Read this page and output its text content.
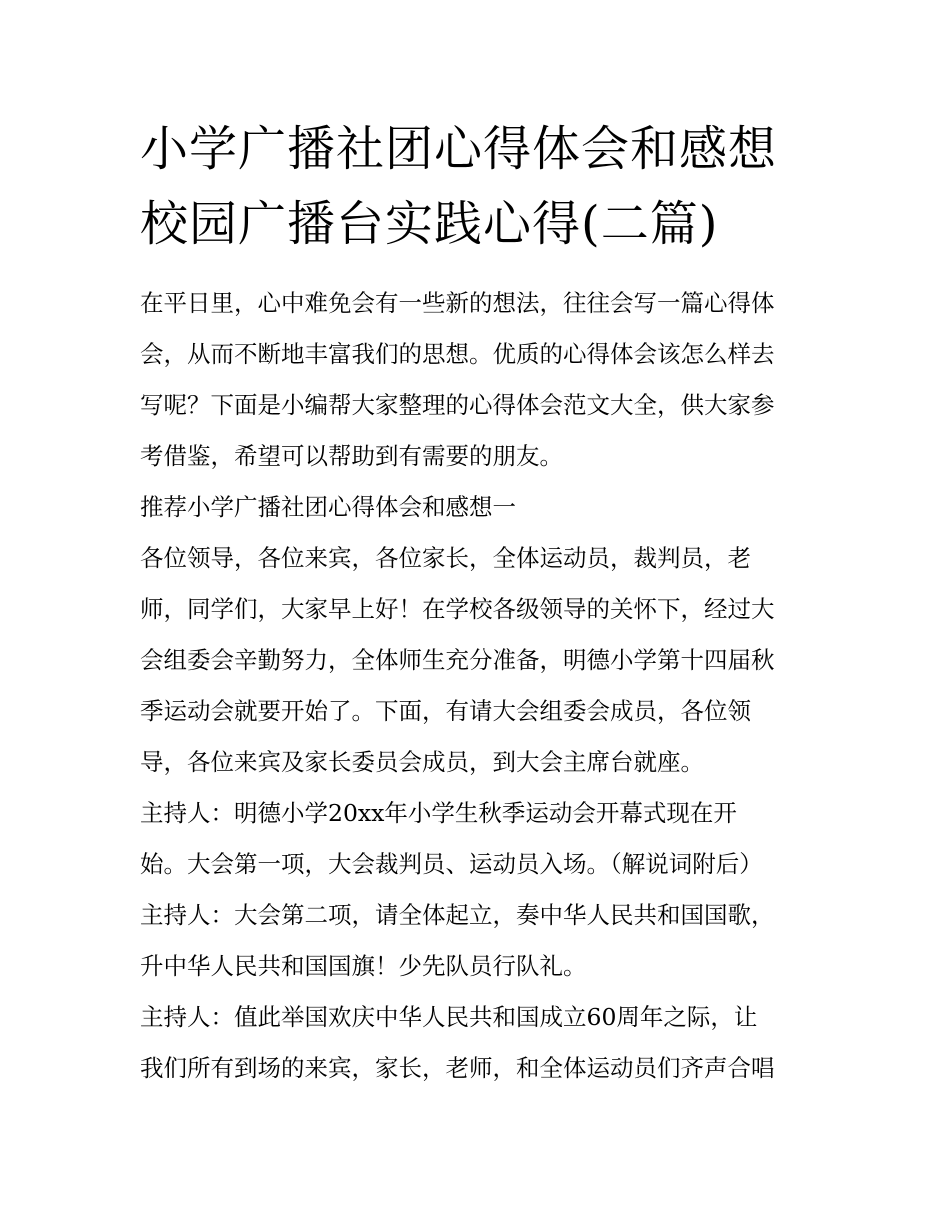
小学广播社团心得体会和感想
校园广播台实践心得(二篇)

在平日里，心中难免会有一些新的想法，往往会写一篇心得体

会，从而不断地丰富我们的思想。优质的心得体会该怎么样去

写呢？下面是小编帮大家整理的心得体会范文大全，供大家参

考借鉴，希望可以帮助到有需要的朋友。

推荐小学广播社团心得体会和感想一

各位领导，各位来宾，各位家长，全体运动员，裁判员，老

师，同学们，大家早上好！在学校各级领导的关怀下，经过大

会组委会辛勤努力，全体师生充分准备，明德小学第十四届秋

季运动会就要开始了。下面，有请大会组委会成员，各位领

导，各位来宾及家长委员会成员，到大会主席台就座。

主持人：明德小学20xx年小学生秋季运动会开幕式现在开

始。大会第一项，大会裁判员、运动员入场。（解说词附后）

主持人：大会第二项，请全体起立，奏中华人民共和国国歌，

升中华人民共和国国旗！少先队员行队礼。

主持人：值此举国欢庆中华人民共和国成立60周年之际，让

我们所有到场的来宾，家长，老师，和全体运动员们齐声合唱
